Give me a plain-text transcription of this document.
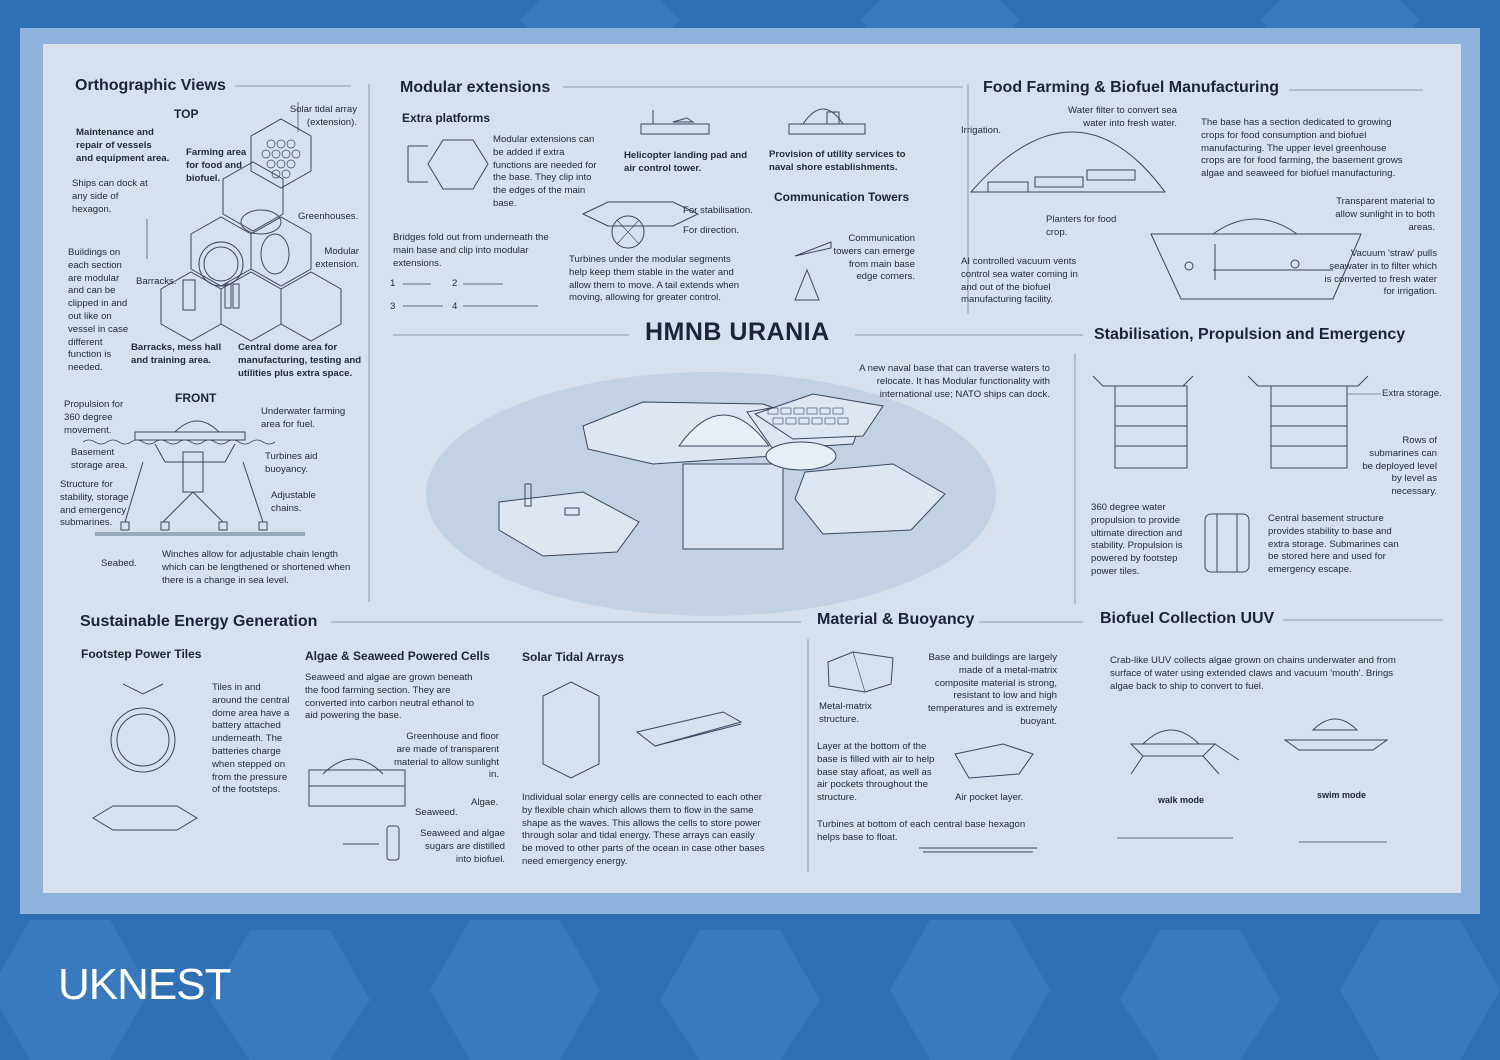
Orthographic Views
TOP	Solar tidal array (extension).
Maintenance and repair of vessels and equipment area.
Farming area for food and biofuel.
Ships can dock at any side of hexagon.
Greenhouses.
Buildings on each section are modular and can be clipped in and out like on vessel in case different function is needed.
Barracks.
Modular extension.
Barracks, mess hall and training area.
Central dome area for manufacturing, testing and utilities plus extra space.
FRONT
Propulsion for 360 degree movement.
Underwater farming area for fuel.
Basement storage area.
Turbines aid buoyancy.
Structure for stability, storage and emergency submarines.
Adjustable chains.
Seabed.
Winches allow for adjustable chain length which can be lengthened or shortened when there is a change in sea level.
Modular extensions
Extra platforms
Modular extensions can be added if extra functions are needed for the base. They clip into the edges of the main base.
Helicopter landing pad and air control tower.
Provision of utility services to naval shore establishments.
Communication Towers
For stabilisation.
For direction.
Bridges fold out from underneath the main base and clip into modular extensions.	Turbines under the modular segments help keep them stable in the water and allow them to move. A tail extends when moving, allowing for greater control.
Communication towers can emerge from main base edge corners.
1	2
3	4
Food Farming & Biofuel Manufacturing
Irrigation.
Water filter to convert sea water into fresh water.	The base has a section dedicated to growing crops for food consumption and biofuel manufacturing. The upper level greenhouse crops are for food farming, the basement grows algae and seaweed for biofuel manufacturing.
Planters for food crop.
Transparent material to allow sunlight in to both areas.
AI controlled vacuum vents control sea water coming in and out of the biofuel manufacturing facility.
Vacuum 'straw' pulls seawater in to filter which is converted to fresh water for irrigation.
HMNB URANIA
A new naval base that can traverse waters to relocate. It has Modular functionality with international use; NATO ships can dock.
Stabilisation, Propulsion and Emergency
Extra storage.
Rows of submarines can be deployed level by level as necessary.
360 degree water propulsion to provide ultimate direction and stability. Propulsion is powered by footstep power tiles.
Central basement structure provides stability to base and extra storage. Submarines can be stored here and used for emergency escape.
Sustainable Energy Generation
Footstep Power Tiles
Tiles in and around the central dome area have a battery attached underneath. The batteries charge when stepped on from the pressure of the footsteps.
Algae & Seaweed Powered Cells
Seaweed and algae are grown beneath the food farming section. They are converted into carbon neutral ethanol to aid powering the base.
Greenhouse and floor are made of transparent material to allow sunlight in.
Algae.
Seaweed.
Seaweed and algae sugars are distilled into biofuel.
Solar Tidal Arrays
Individual solar energy cells are connected to each other by flexible chain which allows them to flow in the same shape as the waves. This allows the cells to store power through solar and tidal energy. These arrays can easily be moved to other parts of the ocean in case other bases need emergency energy.
Material & Buoyancy
Base and buildings are largely made of a metal-matrix composite material is strong, resistant to low and high temperatures and is extremely buoyant.
Metal-matrix structure.
Layer at the bottom of the base is filled with air to help base stay afloat, as well as air pockets throughout the structure.	Air pocket layer.
Turbines at bottom of each central base hexagon helps base to float.
Biofuel Collection UUV
Crab-like UUV collects algae grown on chains underwater and from surface of water using extended claws and vacuum 'mouth'. Brings algae back to ship to convert to fuel.
walk mode	swim mode
UKNEST
